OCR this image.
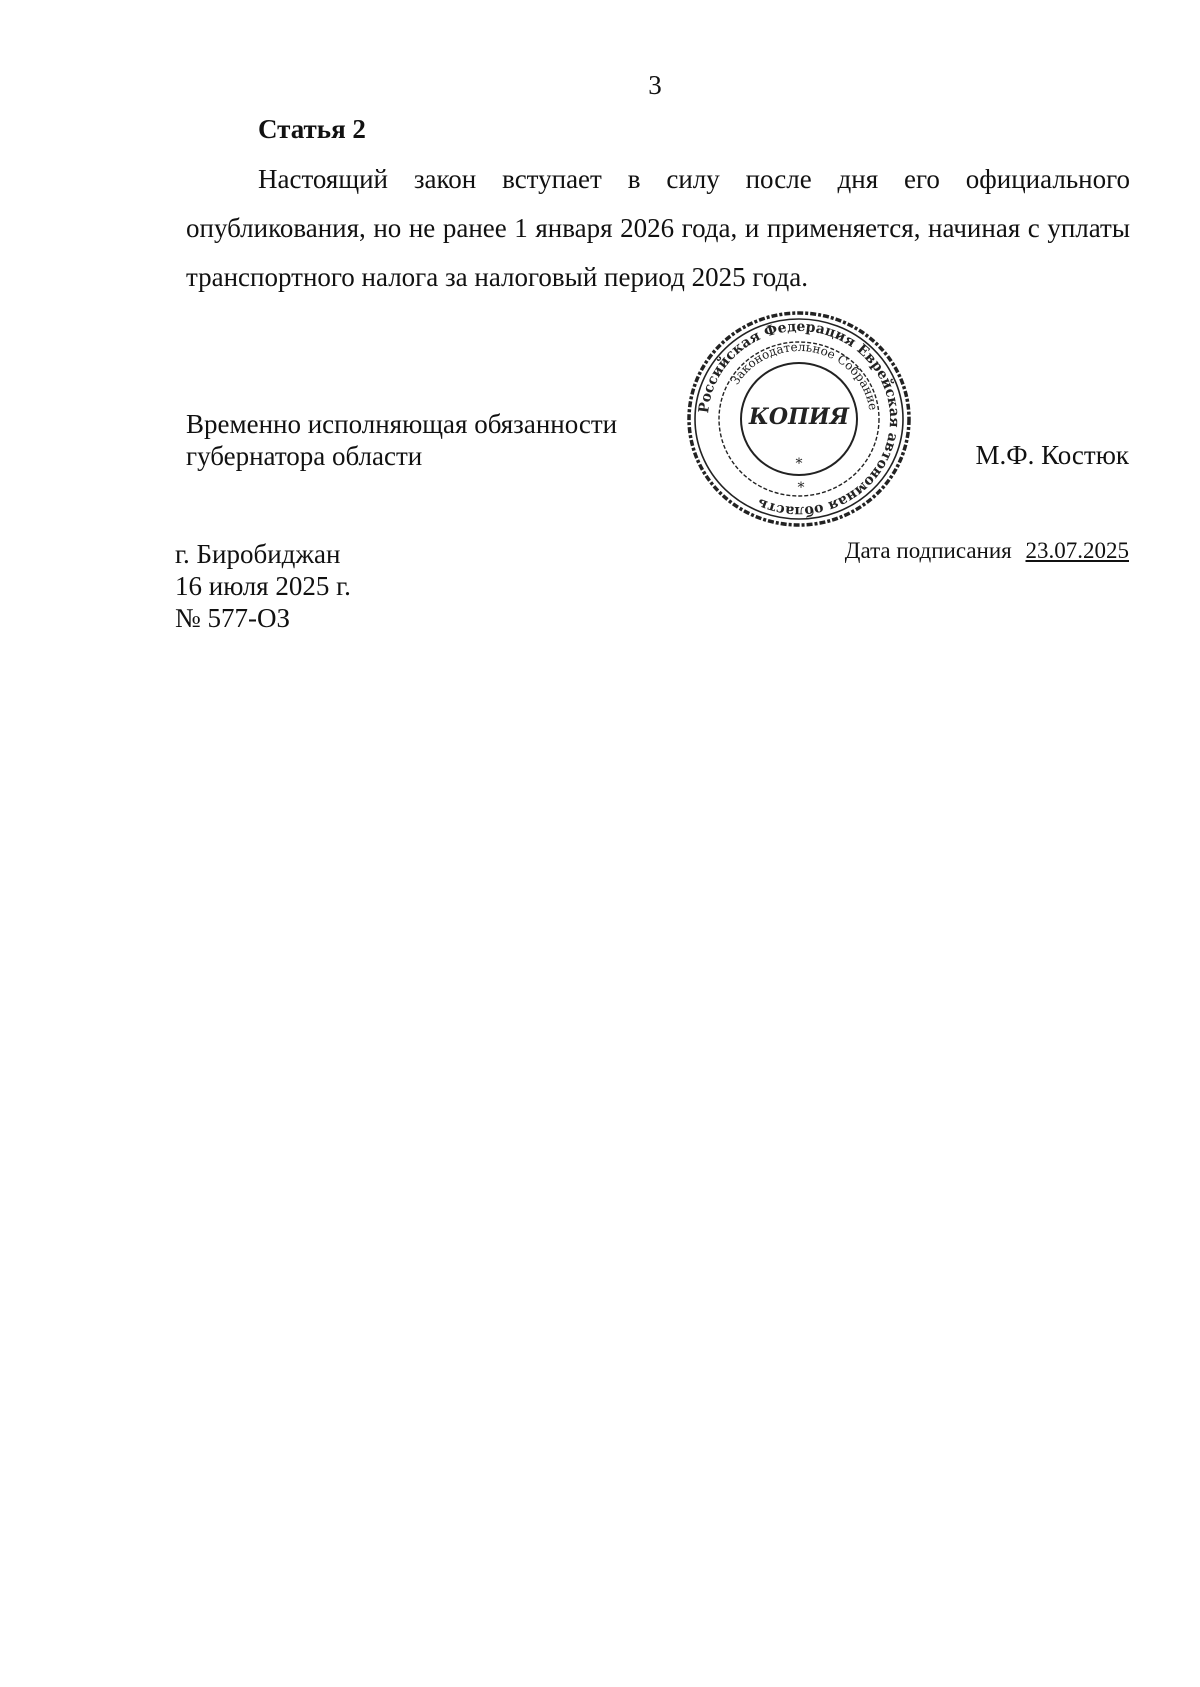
3
Статья 2

Настоящий закон вступает в силу после дня его официального опубликования, но не ранее 1 января 2026 года, и применяется, начиная с уплаты транспортного налога за налоговый период 2025 года.

Временно исполняющая обязанности
губернатора области	М.Ф. Костюк
Российская Федерация Еврейская автономная область
Законодательное Собрание
КОПИЯ
*
*
г. Биробиджан
16 июля 2025 г.
№ 577-ОЗ
Дата подписания 23.07.2025
